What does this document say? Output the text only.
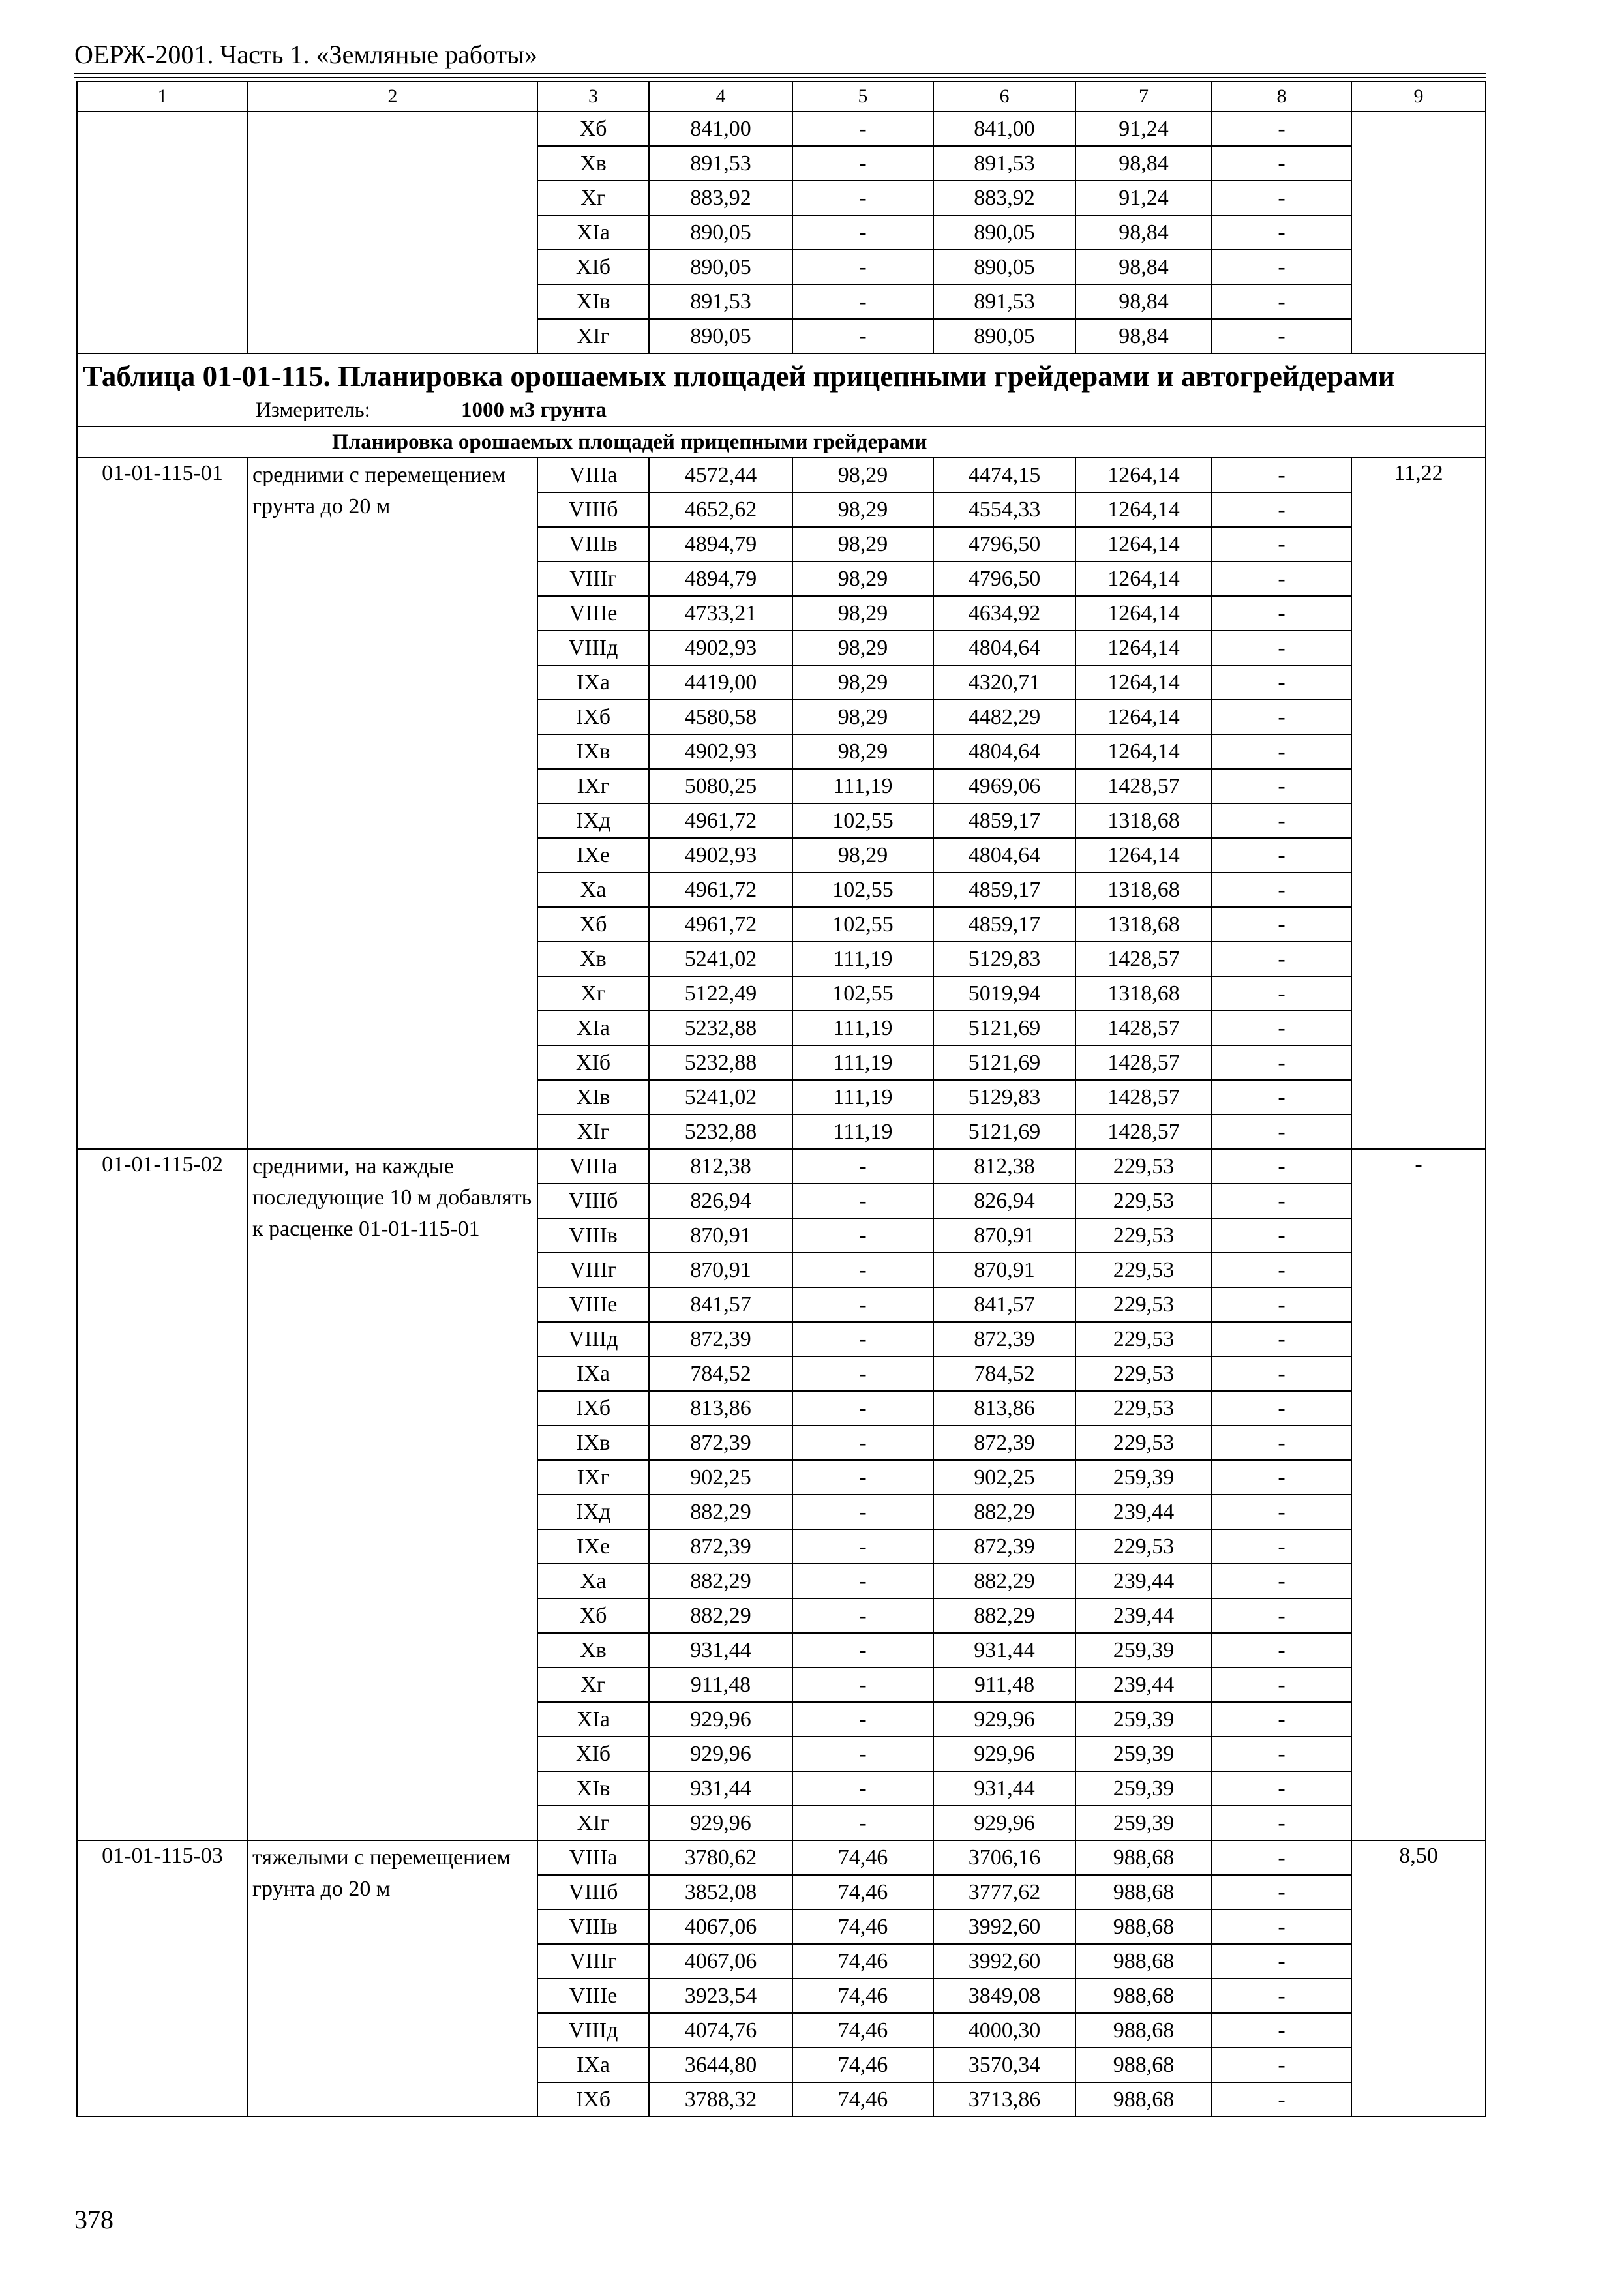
ОЕРЖ-2001. Часть 1. «Земляные работы»
1	2	3	4	5	6	7	8	9
		Xб	841,00	-	841,00	91,24	-	
		Xв	891,53	-	891,53	98,84	-	
		Xг	883,92	-	883,92	91,24	-	
		XIа	890,05	-	890,05	98,84	-	
		XIб	890,05	-	890,05	98,84	-	
		XIв	891,53	-	891,53	98,84	-	
		XIг	890,05	-	890,05	98,84	-	

Таблица 01-01-115. Планировка орошаемых площадей прицепными грейдерами и автогрейдерами
Измеритель: 1000 м3 грунта								

Планировка орошаемых площадей прицепными грейдерами								
01-01-115-01	средними с перемещением грунта до 20 м	VIIIа	4572,44	98,29	4474,15	1264,14	-	11,22
		VIIIб	4652,62	98,29	4554,33	1264,14	-	
		VIIIв	4894,79	98,29	4796,50	1264,14	-	
		VIIIг	4894,79	98,29	4796,50	1264,14	-	
		VIIIе	4733,21	98,29	4634,92	1264,14	-	
		VIIIд	4902,93	98,29	4804,64	1264,14	-	
		IXа	4419,00	98,29	4320,71	1264,14	-	
		IXб	4580,58	98,29	4482,29	1264,14	-	
		IXв	4902,93	98,29	4804,64	1264,14	-	
		IXг	5080,25	111,19	4969,06	1428,57	-	
		IXд	4961,72	102,55	4859,17	1318,68	-	
		IXе	4902,93	98,29	4804,64	1264,14	-	
		Xа	4961,72	102,55	4859,17	1318,68	-	
		Xб	4961,72	102,55	4859,17	1318,68	-	
		Xв	5241,02	111,19	5129,83	1428,57	-	
		Xг	5122,49	102,55	5019,94	1318,68	-	
		XIа	5232,88	111,19	5121,69	1428,57	-	
		XIб	5232,88	111,19	5121,69	1428,57	-	
		XIв	5241,02	111,19	5129,83	1428,57	-	
		XIг	5232,88	111,19	5121,69	1428,57	-	
01-01-115-02	средними, на каждые последующие 10 м добавлять к расценке 01-01-115-01	VIIIа	812,38	-	812,38	229,53	-	-
		VIIIб	826,94	-	826,94	229,53	-	
		VIIIв	870,91	-	870,91	229,53	-	
		VIIIг	870,91	-	870,91	229,53	-	
		VIIIе	841,57	-	841,57	229,53	-	
		VIIIд	872,39	-	872,39	229,53	-	
		IXа	784,52	-	784,52	229,53	-	
		IXб	813,86	-	813,86	229,53	-	
		IXв	872,39	-	872,39	229,53	-	
		IXг	902,25	-	902,25	259,39	-	
		IXд	882,29	-	882,29	239,44	-	
		IXе	872,39	-	872,39	229,53	-	
		Xа	882,29	-	882,29	239,44	-	
		Xб	882,29	-	882,29	239,44	-	
		Xв	931,44	-	931,44	259,39	-	
		Xг	911,48	-	911,48	239,44	-	
		XIа	929,96	-	929,96	259,39	-	
		XIб	929,96	-	929,96	259,39	-	
		XIв	931,44	-	931,44	259,39	-	
		XIг	929,96	-	929,96	259,39	-	
01-01-115-03	тяжелыми с перемещением грунта до 20 м	VIIIа	3780,62	74,46	3706,16	988,68	-	8,50
		VIIIб	3852,08	74,46	3777,62	988,68	-	
		VIIIв	4067,06	74,46	3992,60	988,68	-	
		VIIIг	4067,06	74,46	3992,60	988,68	-	
		VIIIе	3923,54	74,46	3849,08	988,68	-	
		VIIIд	4074,76	74,46	4000,30	988,68	-	
		IXа	3644,80	74,46	3570,34	988,68	-	
		IXб	3788,32	74,46	3713,86	988,68	-	
378
